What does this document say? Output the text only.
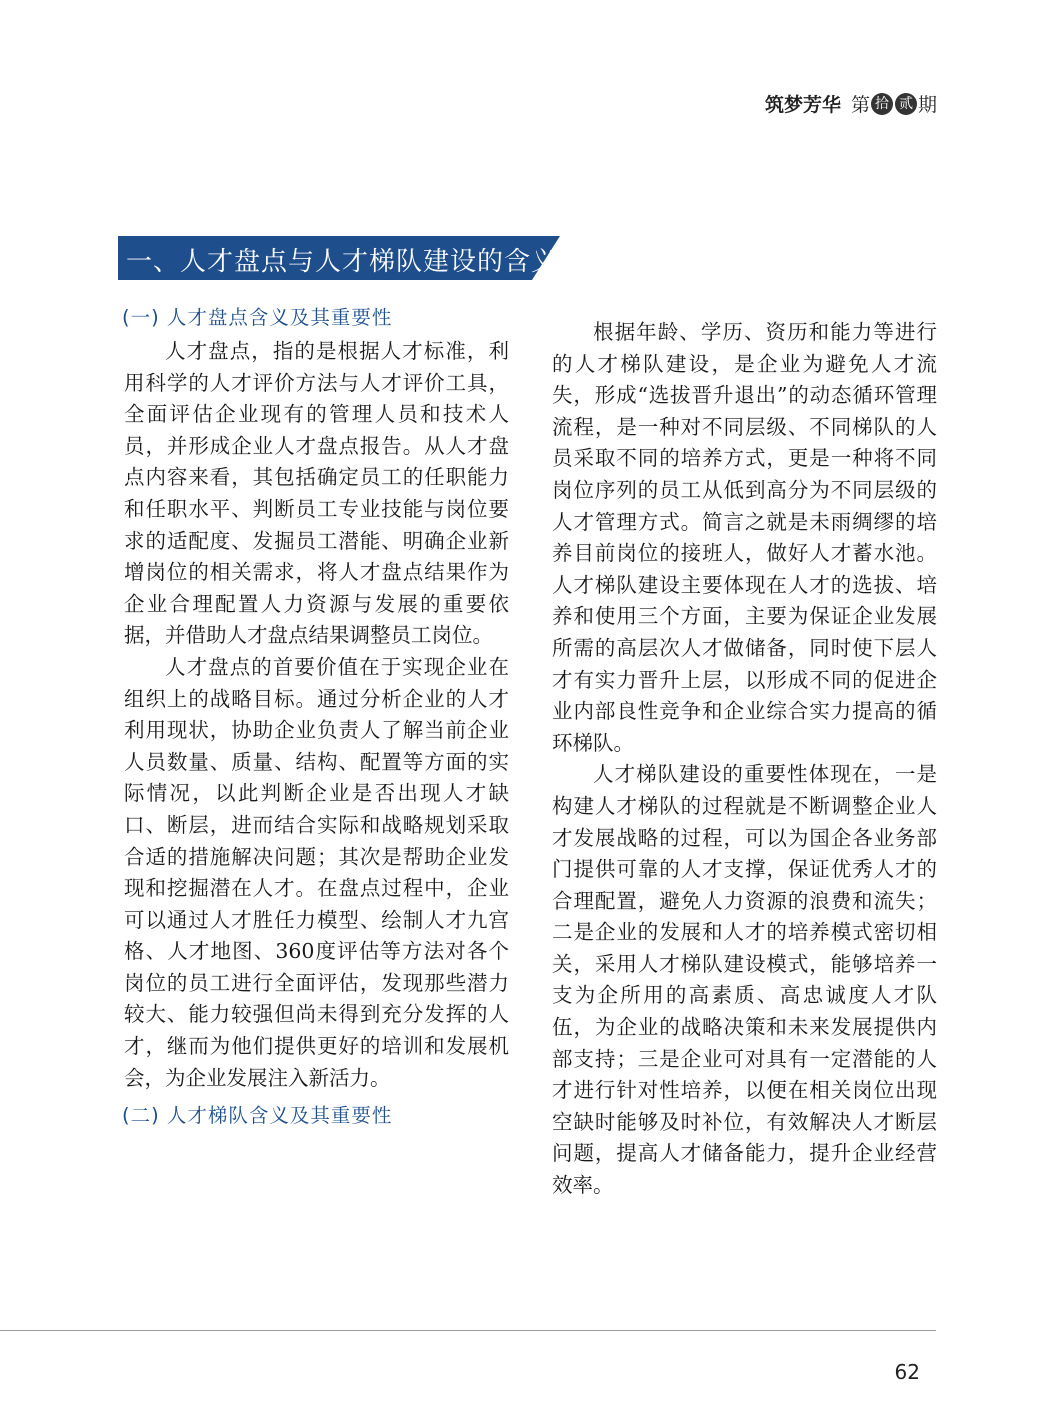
筑梦芳华 第 拾 贰 期
一、人才盘点与人才梯队建设的含义
(一) 人才盘点含义及其重要性

人才盘点，指的是根据人才标准，利用科学的人才评价方法与人才评价工具，全面评估企业现有的管理人员和技术人员，并形成企业人才盘点报告。从人才盘点内容来看，其包括确定员工的任职能力和任职水平、判断员工专业技能与岗位要求的适配度、发掘员工潜能、明确企业新增岗位的相关需求，将人才盘点结果作为企业合理配置人力资源与发展的重要依据，并借助人才盘点结果调整员工岗位。

人才盘点的首要价值在于实现企业在组织上的战略目标。通过分析企业的人才利用现状，协助企业负责人了解当前企业人员数量、质量、结构、配置等方面的实际情况，以此判断企业是否出现人才缺口、断层，进而结合实际和战略规划采取合适的措施解决问题；其次是帮助企业发现和挖掘潜在人才。在盘点过程中，企业可以通过人才胜任力模型、绘制人才九宫格、人才地图、360度评估等方法对各个岗位的员工进行全面评估，发现那些潜力较大、能力较强但尚未得到充分发挥的人才，继而为他们提供更好的培训和发展机会，为企业发展注入新活力。

(二) 人才梯队含义及其重要性

根据年龄、学历、资历和能力等进行的人才梯队建设，是企业为避免人才流失，形成“选拔晋升退出”的动态循环管理流程，是一种对不同层级、不同梯队的人员采取不同的培养方式，更是一种将不同岗位序列的员工从低到高分为不同层级的人才管理方式。简言之就是未雨绸缪的培养目前岗位的接班人，做好人才蓄水池。人才梯队建设主要体现在人才的选拔、培养和使用三个方面，主要为保证企业发展所需的高层次人才做储备，同时使下层人才有实力晋升上层，以形成不同的促进企业内部良性竞争和企业综合实力提高的循环梯队。

人才梯队建设的重要性体现在，一是构建人才梯队的过程就是不断调整企业人才发展战略的过程，可以为国企各业务部门提供可靠的人才支撑，保证优秀人才的合理配置，避免人力资源的浪费和流失；二是企业的发展和人才的培养模式密切相关，采用人才梯队建设模式，能够培养一支为企所用的高素质、高忠诚度人才队伍，为企业的战略决策和未来发展提供内部支持；三是企业可对具有一定潜能的人才进行针对性培养，以便在相关岗位出现空缺时能够及时补位，有效解决人才断层问题，提高人才储备能力，提升企业经营效率。

62
